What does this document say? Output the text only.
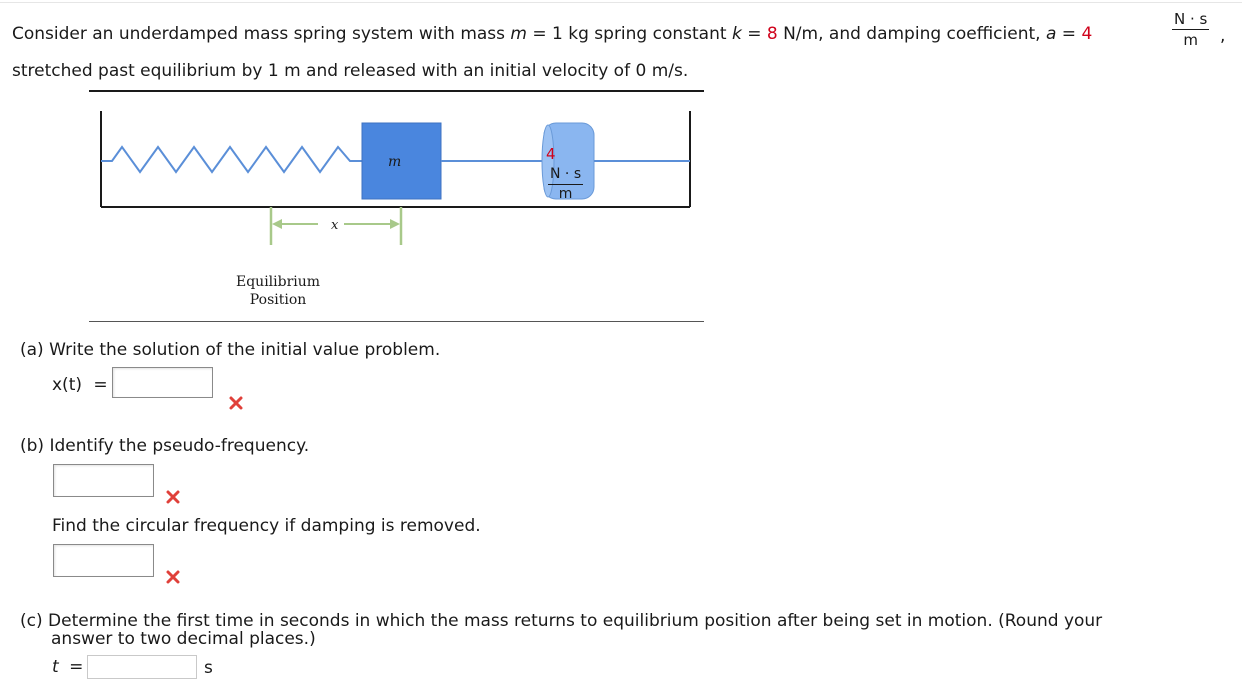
Consider an underdamped mass spring system with mass m = 1 kg spring constant k = 8 N/m, and damping coefficient, a = 4	$\frac{N \cdot s}{m}$ ,
stretched past equilibrium by 1 m and released with an initial velocity of 0 m/s.
m	4
$\frac{N \cdot s}{m}$
x
Equilibrium
Position
(a) Write the solution of the initial value problem.
x(t) =
(b) Identify the pseudo-frequency.
Find the circular frequency if damping is removed.
(c) Determine the first time in seconds in which the mass returns to equilibrium position after being set in motion. (Round your
answer to two decimal places.)
t =	s
